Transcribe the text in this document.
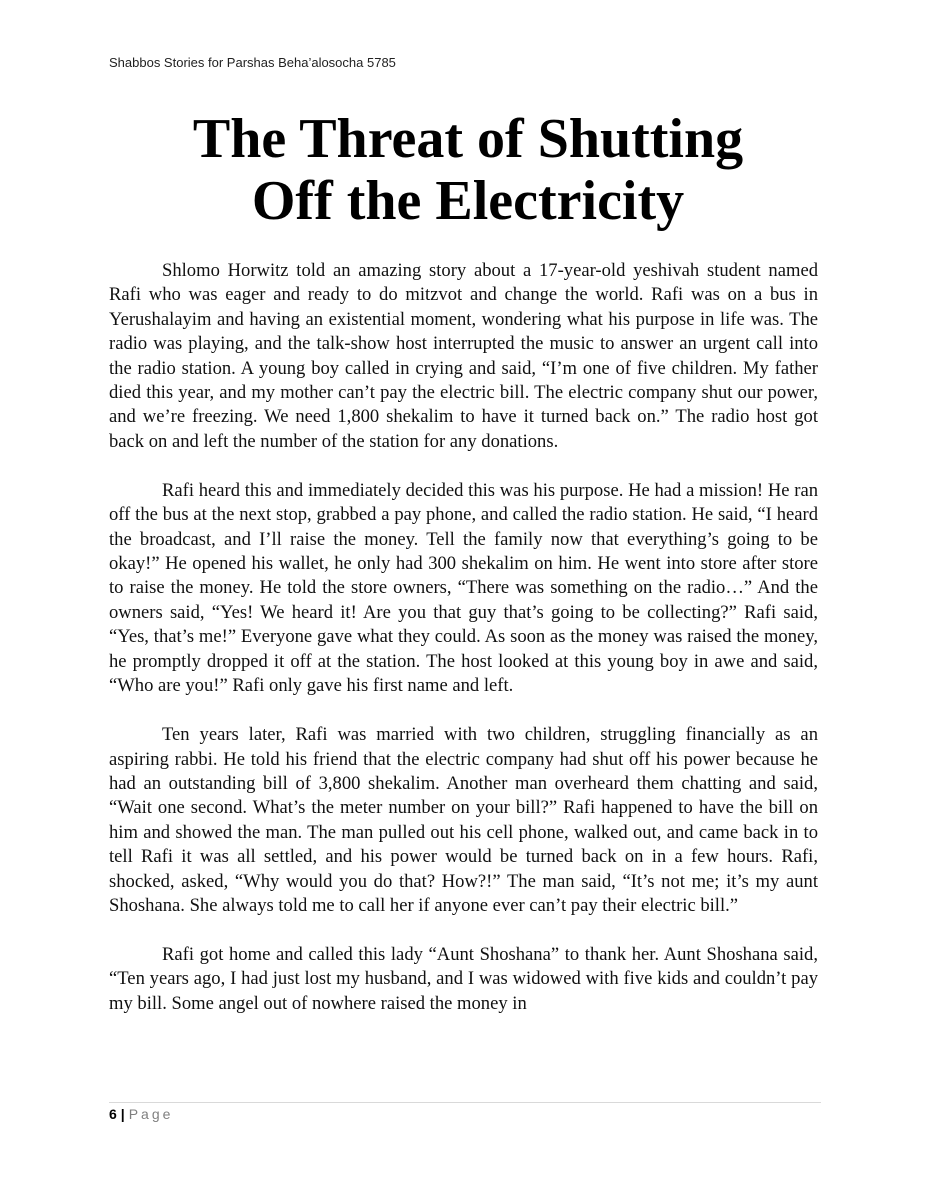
Shabbos Stories for Parshas Beha’alosocha 5785
The Threat of Shutting
Off the Electricity

Shlomo Horwitz told an amazing story about a 17-year-old yeshivah student named Rafi who was eager and ready to do mitzvot and change the world. Rafi was on a bus in Yerushalayim and having an existential moment, wondering what his purpose in life was. The radio was playing, and the talk-show host interrupted the music to answer an urgent call into the radio station. A young boy called in crying and said, “I’m one of five children. My father died this year, and my mother can’t pay the electric bill. The electric company shut our power, and we’re freezing. We need 1,800 shekalim to have it turned back on.” The radio host got back on and left the number of the station for any donations.

Rafi heard this and immediately decided this was his purpose. He had a mission! He ran off the bus at the next stop, grabbed a pay phone, and called the radio station. He said, “I heard the broadcast, and I’ll raise the money. Tell the family now that everything’s going to be okay!” He opened his wallet, he only had 300 shekalim on him. He went into store after store to raise the money. He told the store owners, “There was something on the radio…” And the owners said, “Yes! We heard it! Are you that guy that’s going to be collecting?” Rafi said, “Yes, that’s me!” Everyone gave what they could. As soon as the money was raised the money, he promptly dropped it off at the station. The host looked at this young boy in awe and said, “Who are you!” Rafi only gave his first name and left.

Ten years later, Rafi was married with two children, struggling financially as an aspiring rabbi. He told his friend that the electric company had shut off his power because he had an outstanding bill of 3,800 shekalim. Another man overheard them chatting and said, “Wait one second. What’s the meter number on your bill?” Rafi happened to have the bill on him and showed the man. The man pulled out his cell phone, walked out, and came back in to tell Rafi it was all settled, and his power would be turned back on in a few hours. Rafi, shocked, asked, “Why would you do that? How?!” The man said, “It’s not me; it’s my aunt Shoshana. She always told me to call her if anyone ever can’t pay their electric bill.”

Rafi got home and called this lady “Aunt Shoshana” to thank her. Aunt Shoshana said, “Ten years ago, I had just lost my husband, and I was widowed with five kids and couldn’t pay my bill. Some angel out of nowhere raised the money in

6 | Page
